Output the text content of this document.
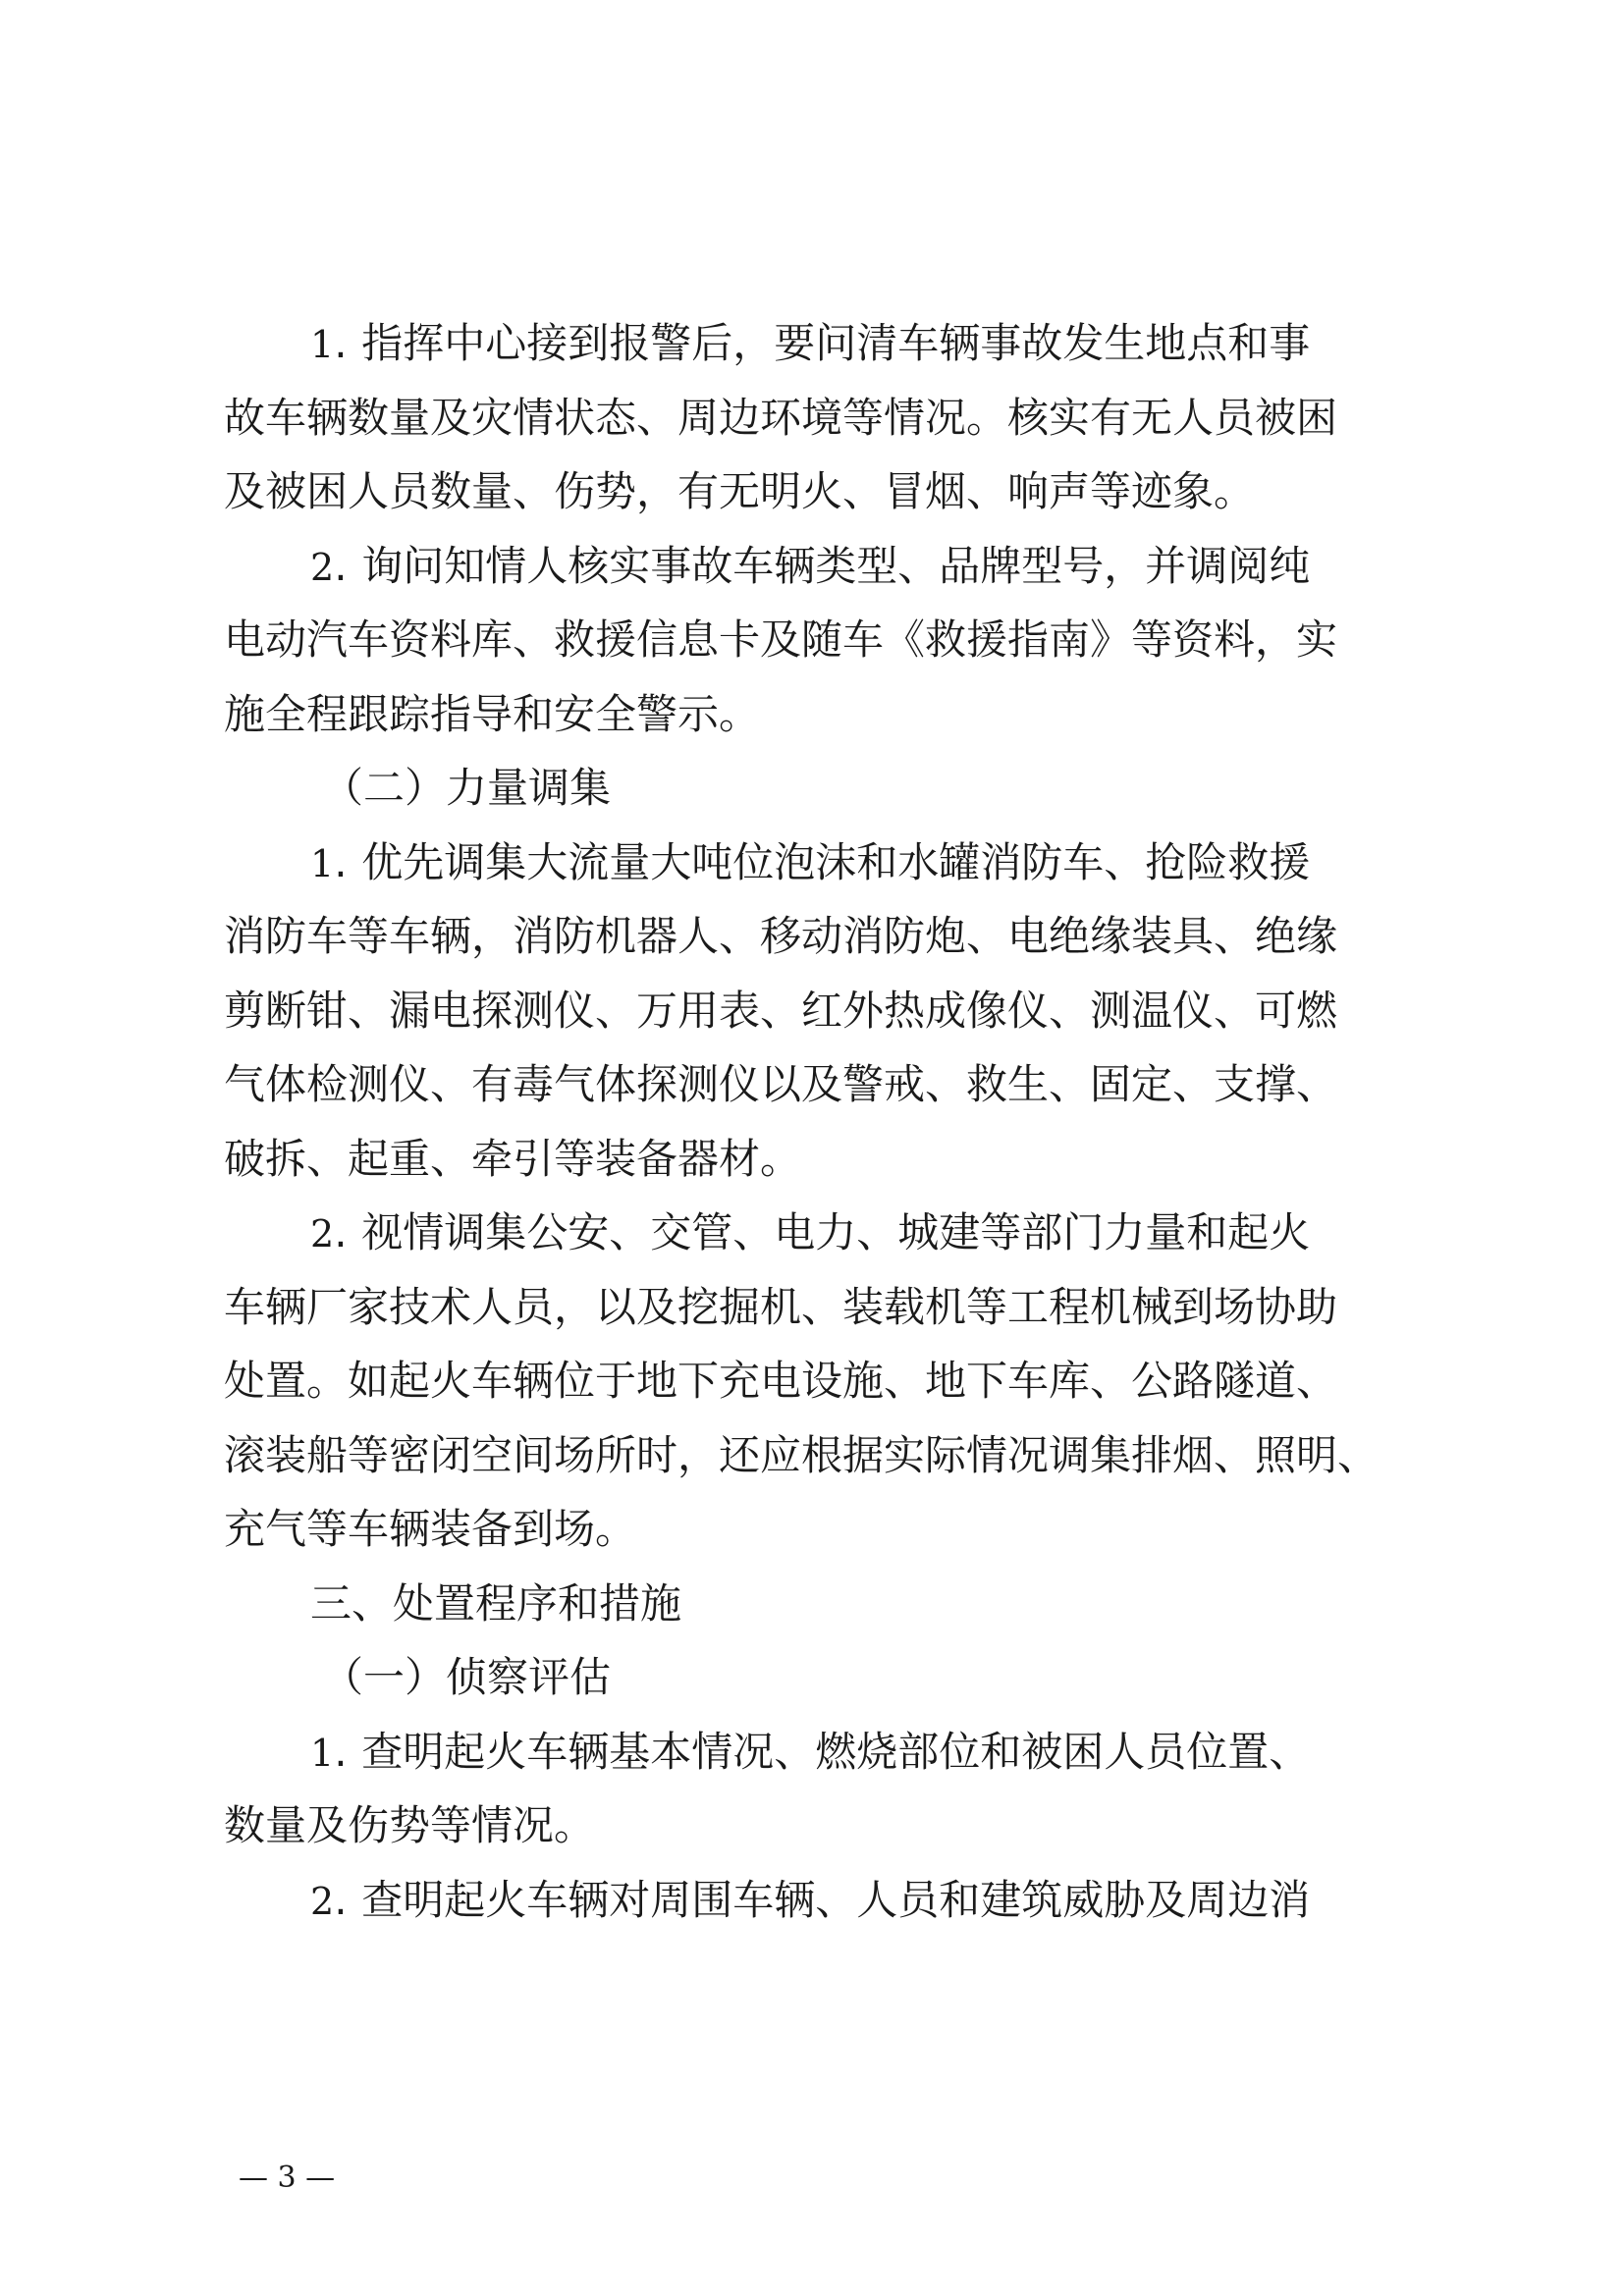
1. 指挥中心接到报警后，要问清车辆事故发生地点和事
故车辆数量及灾情状态、周边环境等情况。核实有无人员被困
及被困人员数量、伤势，有无明火、冒烟、响声等迹象。
2. 询问知情人核实事故车辆类型、品牌型号，并调阅纯
电动汽车资料库、救援信息卡及随车《救援指南》等资料，实
施全程跟踪指导和安全警示。
（二）力量调集
1. 优先调集大流量大吨位泡沫和水罐消防车、抢险救援
消防车等车辆，消防机器人、移动消防炮、电绝缘装具、绝缘
剪断钳、漏电探测仪、万用表、红外热成像仪、测温仪、可燃
气体检测仪、有毒气体探测仪以及警戒、救生、固定、支撑、
破拆、起重、牵引等装备器材。
2. 视情调集公安、交管、电力、城建等部门力量和起火
车辆厂家技术人员，以及挖掘机、装载机等工程机械到场协助
处置。如起火车辆位于地下充电设施、地下车库、公路隧道、
滚装船等密闭空间场所时，还应根据实际情况调集排烟、照明、
充气等车辆装备到场。
三、处置程序和措施
（一）侦察评估
1. 查明起火车辆基本情况、燃烧部位和被困人员位置、
数量及伤势等情况。
2. 查明起火车辆对周围车辆、人员和建筑威胁及周边消
— 3 —
